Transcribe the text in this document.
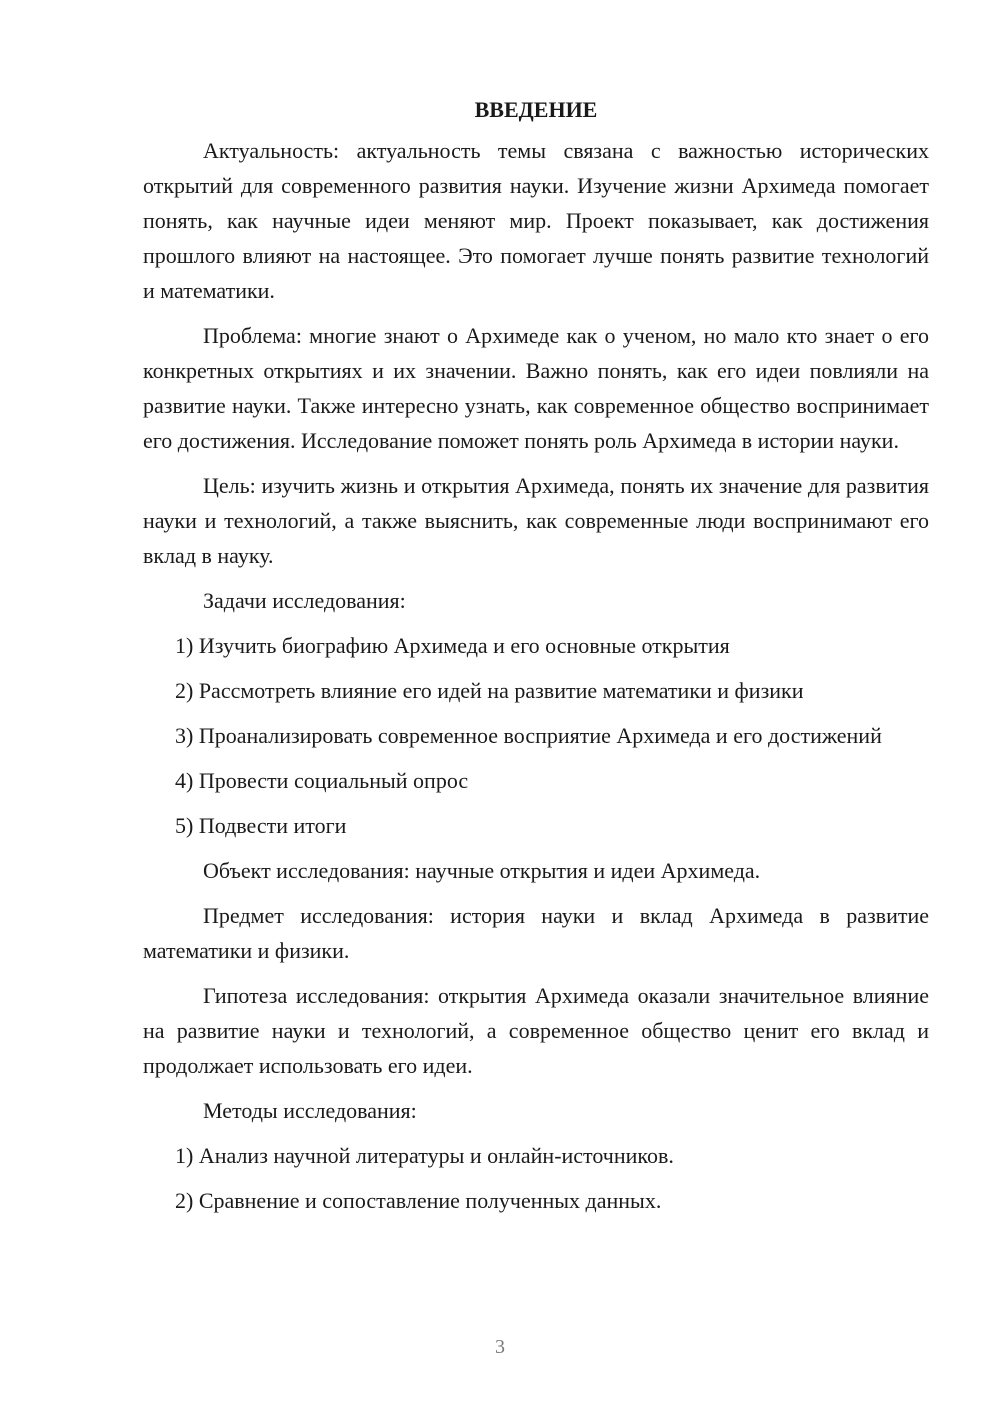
ВВЕДЕНИЕ

Актуальность: актуальность темы связана с важностью исторических открытий для современного развития науки. Изучение жизни Архимеда помогает понять, как научные идеи меняют мир. Проект показывает, как достижения прошлого влияют на настоящее. Это помогает лучше понять развитие технологий и математики.

Проблема: многие знают о Архимеде как о ученом, но мало кто знает о его конкретных открытиях и их значении. Важно понять, как его идеи повлияли на развитие науки. Также интересно узнать, как современное общество воспринимает его достижения. Исследование поможет понять роль Архимеда в истории науки.

Цель: изучить жизнь и открытия Архимеда, понять их значение для развития науки и технологий, а также выяснить, как современные люди воспринимают его вклад в науку.

Задачи исследования:

1) Изучить биографию Архимеда и его основные открытия

2) Рассмотреть влияние его идей на развитие математики и физики

3) Проанализировать современное восприятие Архимеда и его достижений

4) Провести социальный опрос

5) Подвести итоги

Объект исследования: научные открытия и идеи Архимеда.

Предмет исследования: история науки и вклад Архимеда в развитие математики и физики.

Гипотеза исследования: открытия Архимеда оказали значительное влияние на развитие науки и технологий, а современное общество ценит его вклад и продолжает использовать его идеи.

Методы исследования:

1) Анализ научной литературы и онлайн-источников.

2) Сравнение и сопоставление полученных данных.

3
